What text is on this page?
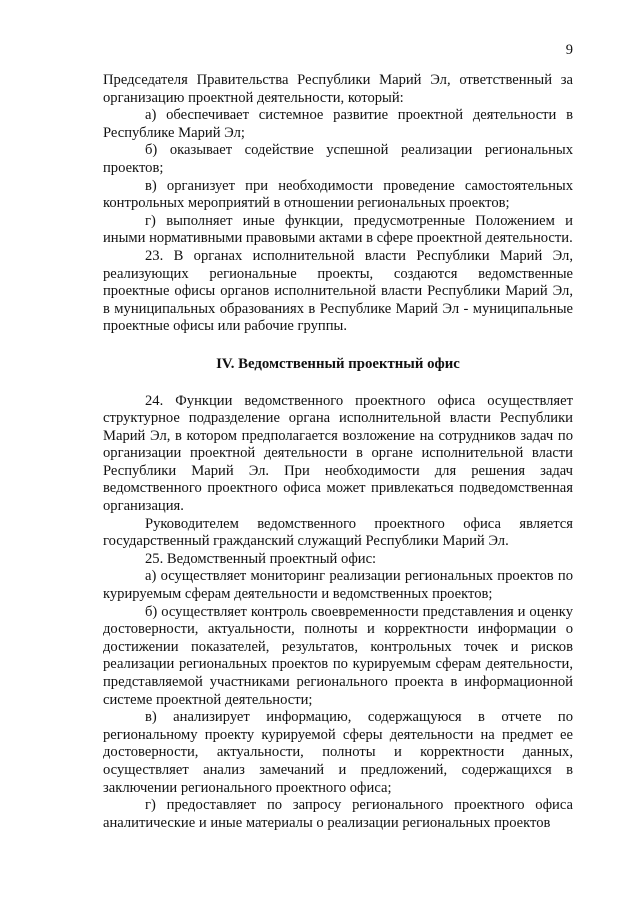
9

Председателя Правительства Республики Марий Эл, ответственный за организацию проектной деятельности, который:

а) обеспечивает системное развитие проектной деятельности в Республике Марий Эл;

б) оказывает содействие успешной реализации региональных проектов;

в) организует при необходимости проведение самостоятельных контрольных мероприятий в отношении региональных проектов;

г) выполняет иные функции, предусмотренные Положением и иными нормативными правовыми актами в сфере проектной деятельности.

23. В органах исполнительной власти Республики Марий Эл, реализующих региональные проекты, создаются ведомственные проектные офисы органов исполнительной власти Республики Марий Эл, в муниципальных образованиях в Республике Марий Эл - муниципальные проектные офисы или рабочие группы.

IV. Ведомственный проектный офис

24. Функции ведомственного проектного офиса осуществляет структурное подразделение органа исполнительной власти Республики Марий Эл, в котором предполагается возложение на сотрудников задач по организации проектной деятельности в органе исполнительной власти Республики Марий Эл. При необходимости для решения задач ведомственного проектного офиса может привлекаться подведомственная организация.

Руководителем ведомственного проектного офиса является государственный гражданский служащий Республики Марий Эл.

25. Ведомственный проектный офис:

а) осуществляет мониторинг реализации региональных проектов по курируемым сферам деятельности и ведомственных проектов;

б) осуществляет контроль своевременности представления и оценку достоверности, актуальности, полноты и корректности информации о достижении показателей, результатов, контрольных точек и рисков реализации региональных проектов по курируемым сферам деятельности, представляемой участниками регионального проекта в информационной системе проектной деятельности;

в) анализирует информацию, содержащуюся в отчете по региональному проекту курируемой сферы деятельности на предмет ее достоверности, актуальности, полноты и корректности данных, осуществляет анализ замечаний и предложений, содержащихся в заключении регионального проектного офиса;

г) предоставляет по запросу регионального проектного офиса аналитические и иные материалы о реализации региональных проектов
